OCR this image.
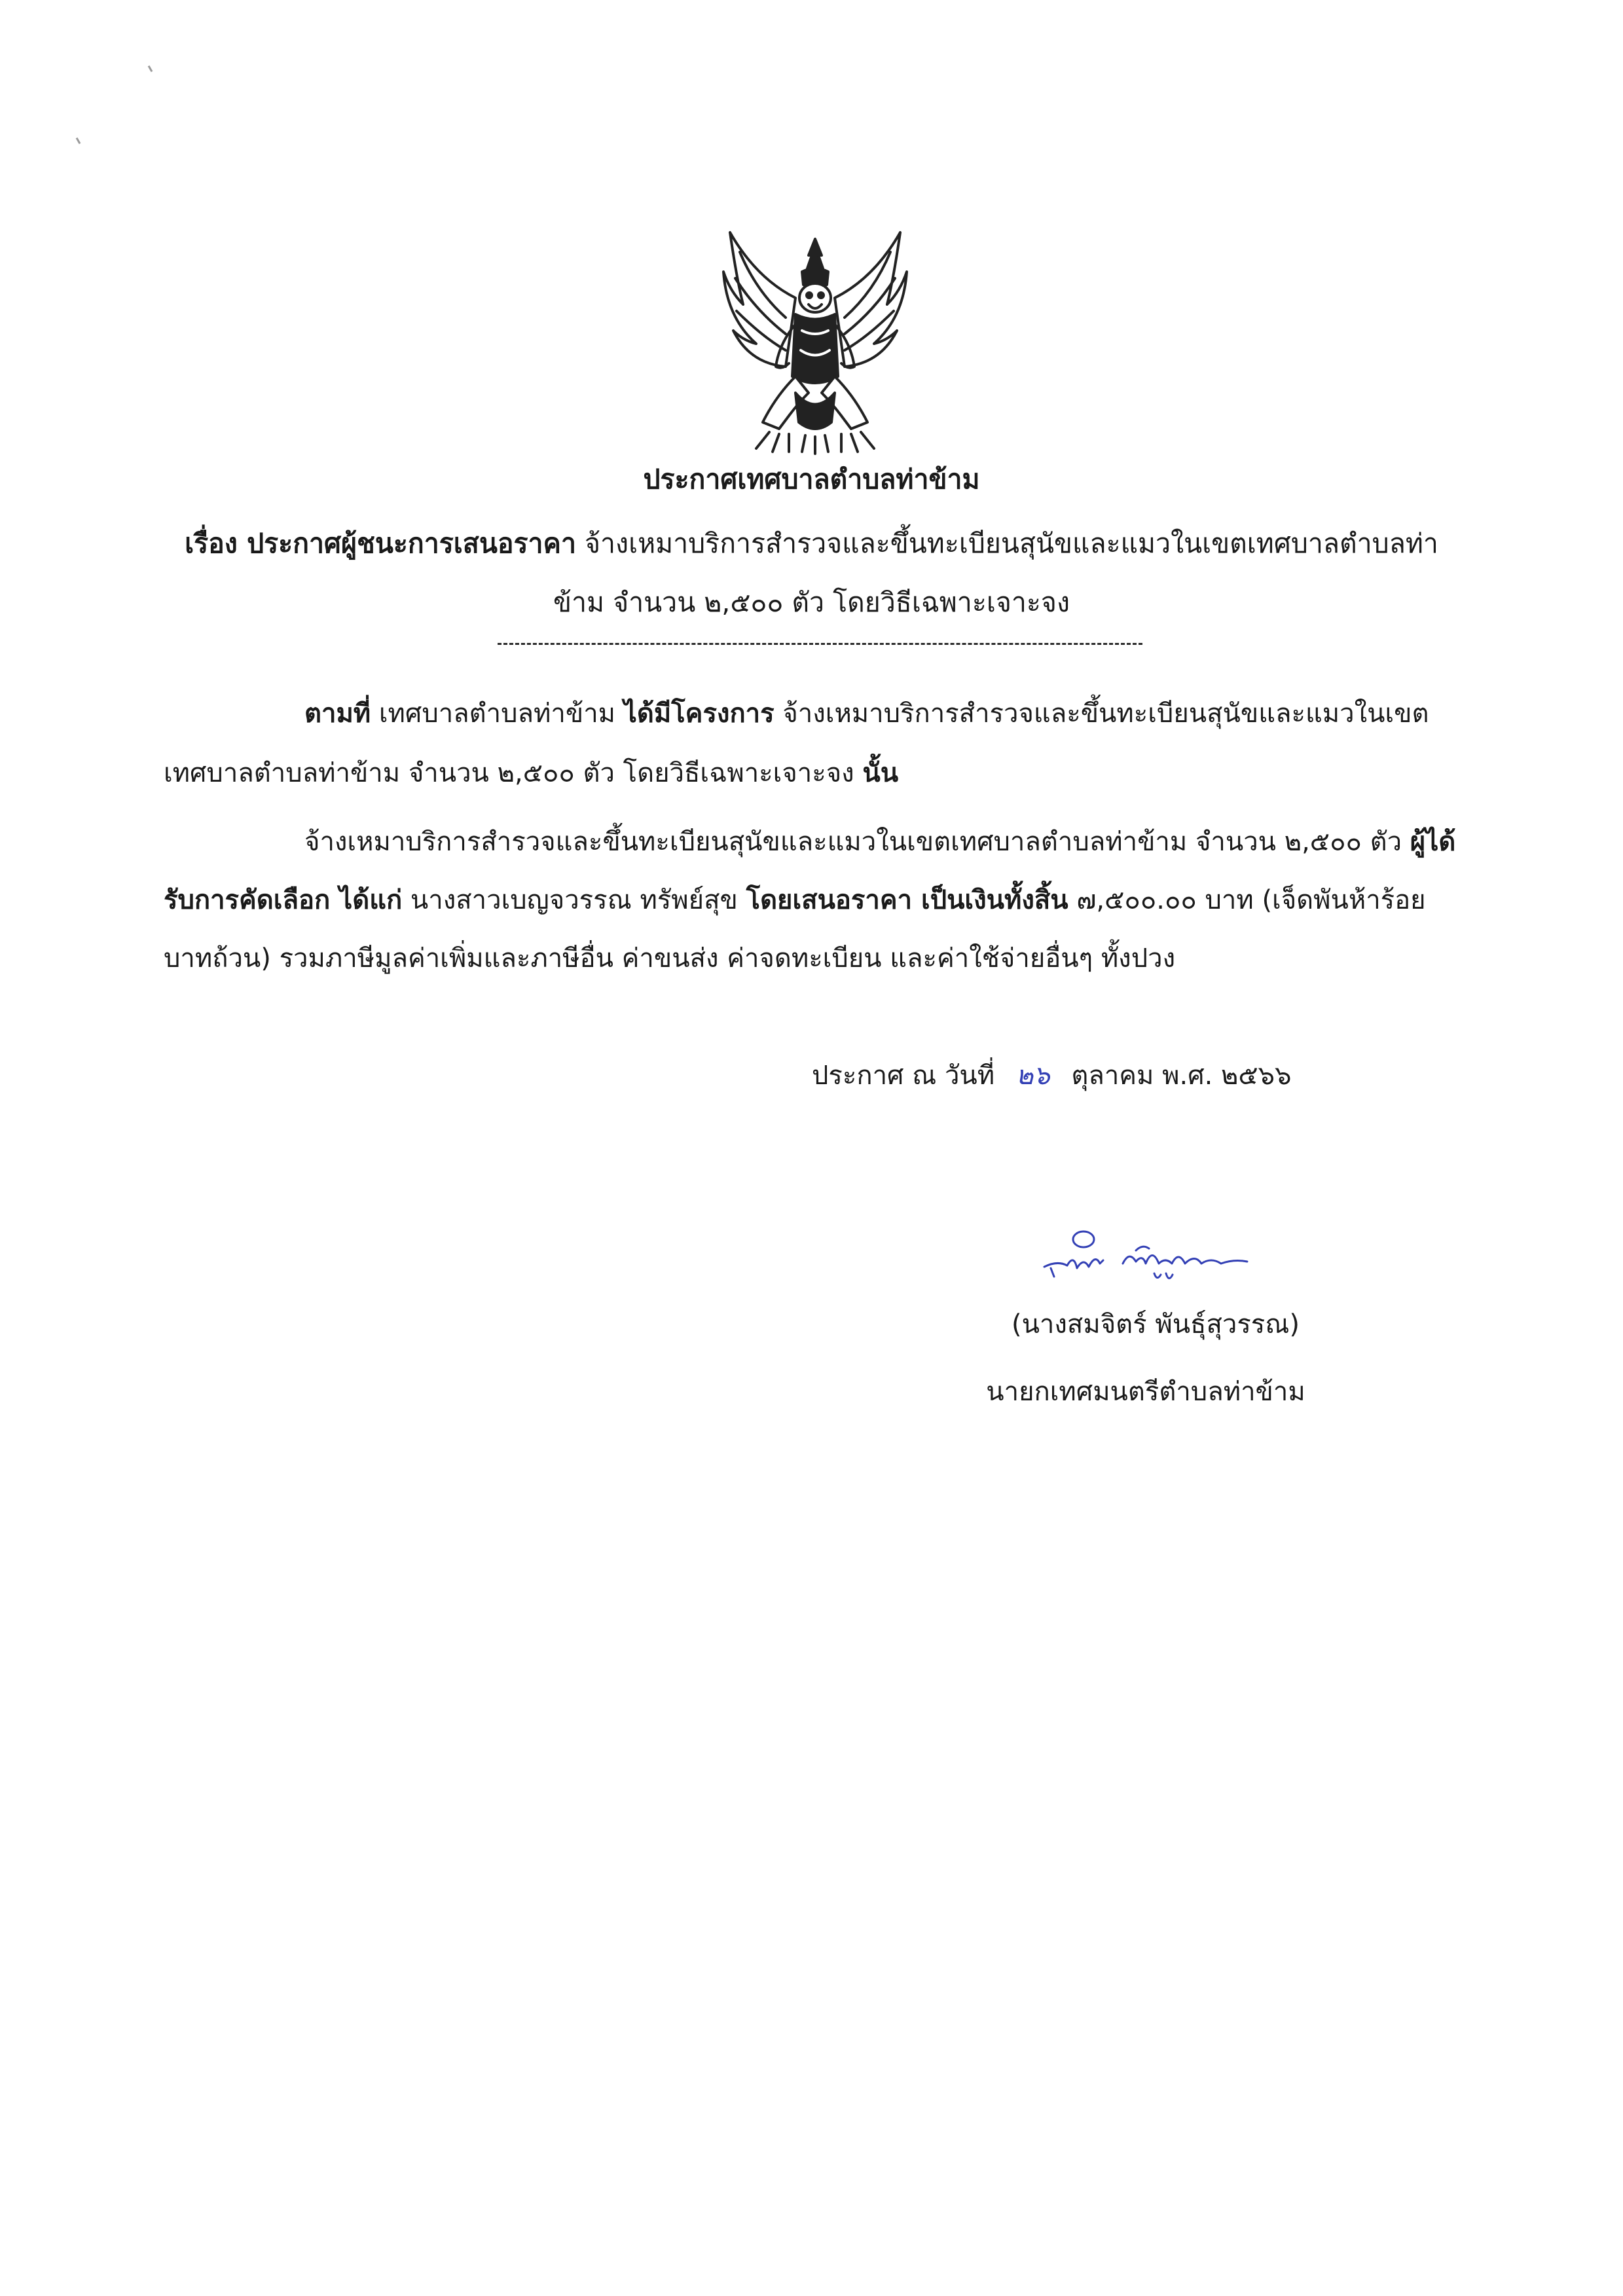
ประกาศเทศบาลตำบลท่าข้าม
เรื่อง ประกาศผู้ชนะการเสนอราคา จ้างเหมาบริการสำรวจและขึ้นทะเบียนสุนัขและแมวในเขตเทศบาลตำบลท่า
ข้าม จำนวน ๒,๕๐๐ ตัว โดยวิธีเฉพาะเจาะจง
ตามที่ เทศบาลตำบลท่าข้าม ได้มีโครงการ จ้างเหมาบริการสำรวจและขึ้นทะเบียนสุนัขและแมวในเขต
เทศบาลตำบลท่าข้าม จำนวน ๒,๕๐๐ ตัว โดยวิธีเฉพาะเจาะจง นั้น
จ้างเหมาบริการสำรวจและขึ้นทะเบียนสุนัขและแมวในเขตเทศบาลตำบลท่าข้าม จำนวน ๒,๕๐๐ ตัว ผู้ได้
รับการคัดเลือก ได้แก่ นางสาวเบญจวรรณ ทรัพย์สุข โดยเสนอราคา เป็นเงินทั้งสิ้น ๗,๕๐๐.๐๐ บาท (เจ็ดพันห้าร้อย
บาทถ้วน) รวมภาษีมูลค่าเพิ่มและภาษีอื่น ค่าขนส่ง ค่าจดทะเบียน และค่าใช้จ่ายอื่นๆ ทั้งปวง
ประกาศ ณ วันที่ ๒๖ ตุลาคม พ.ศ. ๒๕๖๖
(นางสมจิตร์ พันธุ์สุวรรณ)
นายกเทศมนตรีตำบลท่าข้าม
